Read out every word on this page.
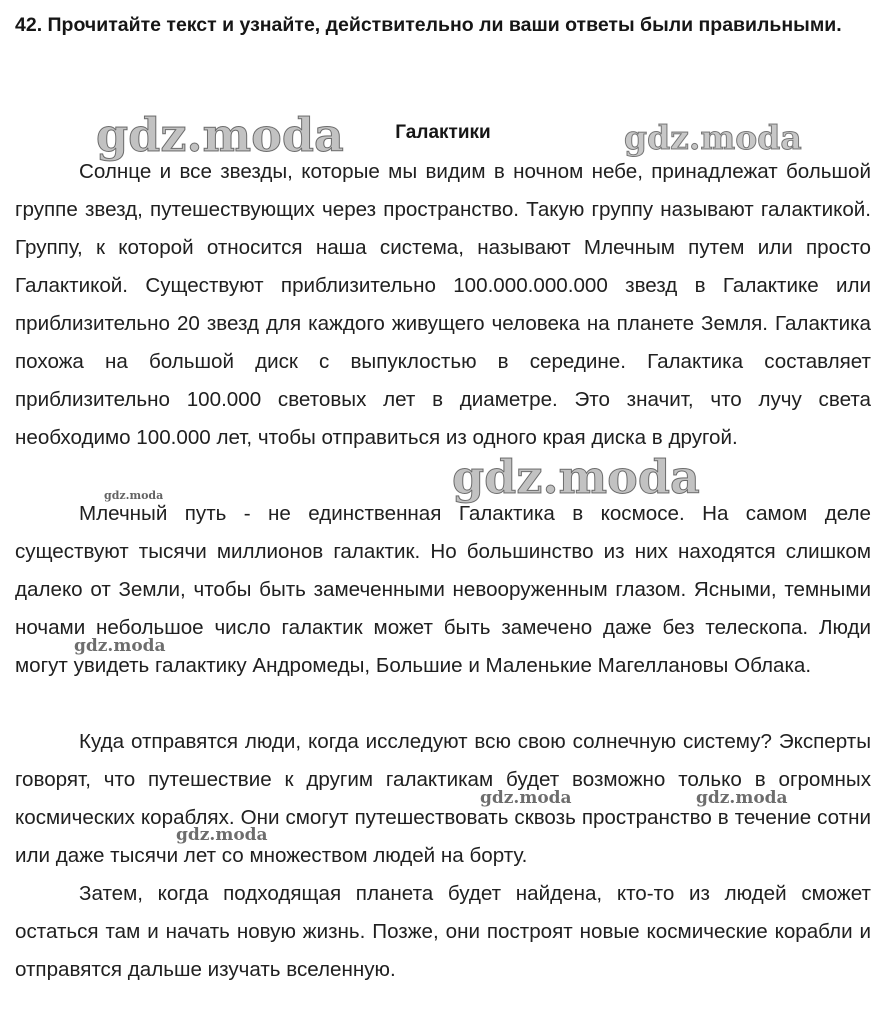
42. Прочитайте текст и узнайте, действительно ли ваши ответы были правильными.
Галактики

Солнце и все звезды, которые мы видим в ночном небе, принадлежат большой группе звезд, путешествующих через пространство. Такую группу называют галактикой. Группу, к которой относится наша система, называют Млечным путем или просто Галактикой. Существуют приблизительно 100.000.000.000 звезд в Галактике или приблизительно 20 звезд для каждого живущего человека на планете Земля. Галактика похожа на большой диск с выпуклостью в середине. Галактика составляет приблизительно 100.000 световых лет в диаметре. Это значит, что лучу света необходимо 100.000 лет, чтобы отправиться из одного края диска в другой.

Млечный путь - не единственная Галактика в космосе. На самом деле существуют тысячи миллионов галактик. Но большинство из них находятся слишком далеко от Земли, чтобы быть замеченными невооруженным глазом. Ясными, темными ночами небольшое число галактик может быть замечено даже без телескопа. Люди могут увидеть галактику Андромеды, Большие и Маленькие Магеллановы Облака.

Куда отправятся люди, когда исследуют всю свою солнечную систему? Эксперты говорят, что путешествие к другим галактикам будет возможно только в огромных космических кораблях. Они смогут путешествовать сквозь пространство в течение сотни или даже тысячи лет со множеством людей на борту.

Затем, когда подходящая планета будет найдена, кто-то из людей сможет остаться там и начать новую жизнь. Позже, они построят новые космические корабли и отправятся дальше изучать вселенную.

gdz.moda	gdz.moda
gdz.moda
gdz.moda
gdz.moda
gdz.moda	gdz.moda
gdz.moda
